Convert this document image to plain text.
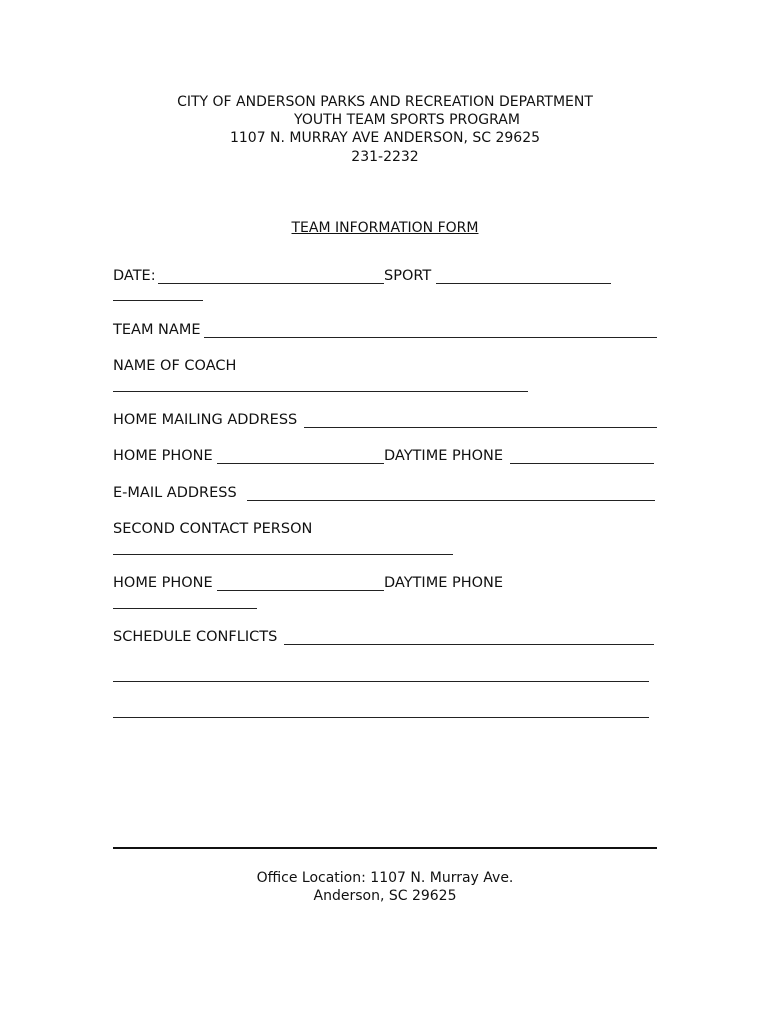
CITY OF ANDERSON PARKS AND RECREATION DEPARTMENT
YOUTH TEAM SPORTS PROGRAM
1107 N. MURRAY AVE ANDERSON, SC 29625
231-2232
TEAM INFORMATION FORM
DATE:	SPORT
TEAM NAME
NAME OF COACH
HOME MAILING ADDRESS
HOME PHONE	DAYTIME PHONE
E-MAIL ADDRESS
SECOND CONTACT PERSON
HOME PHONE	DAYTIME PHONE
SCHEDULE CONFLICTS
Office Location: 1107 N. Murray Ave.
Anderson, SC 29625
